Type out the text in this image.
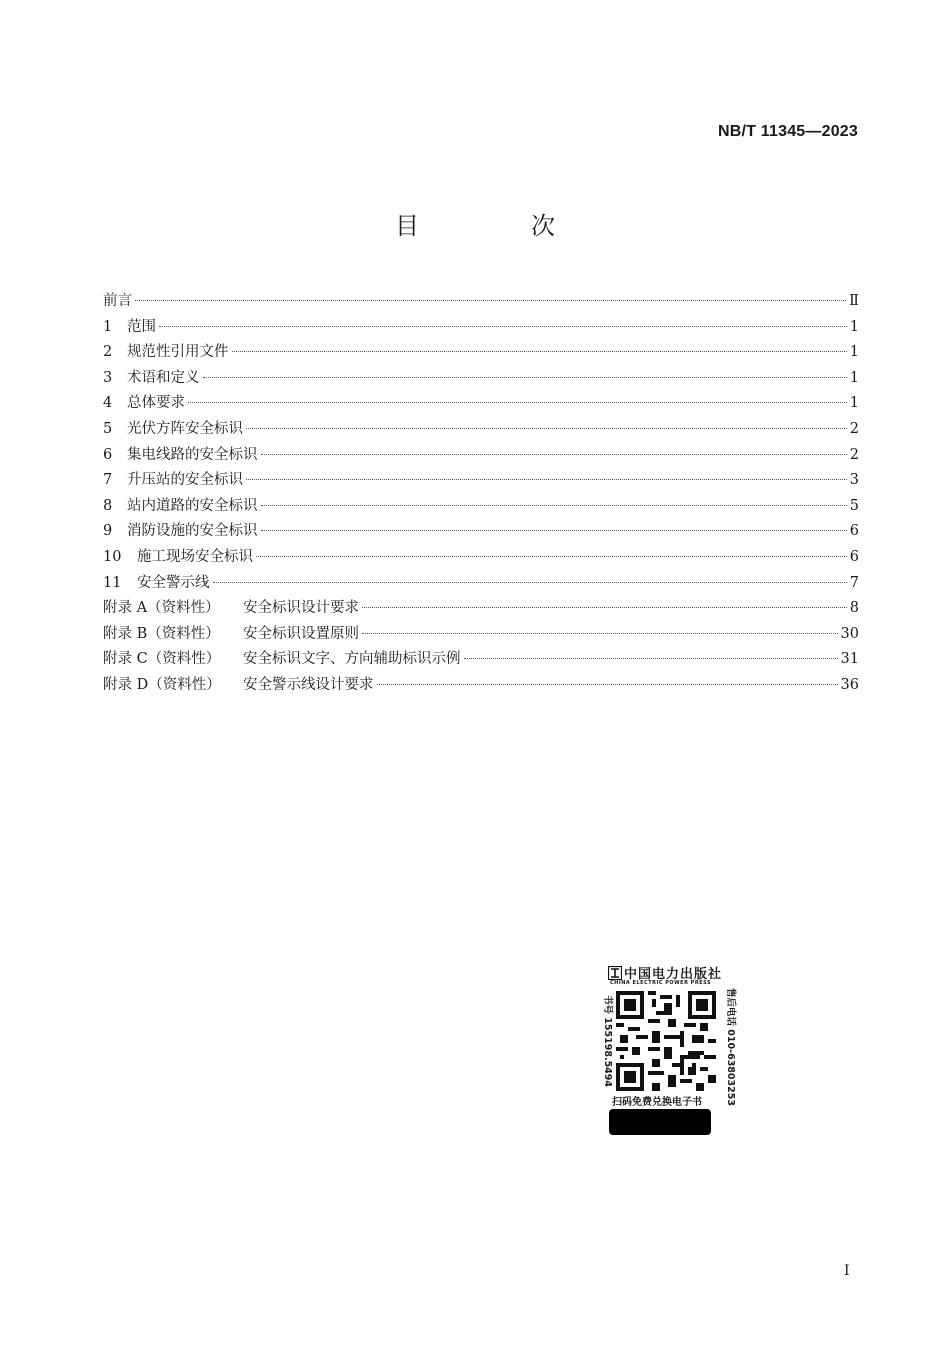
NB/T 11345—2023
目　次
前言	Ⅱ
1	范围	1
2	规范性引用文件	1
3	术语和定义	1
4	总体要求	1
5	光伏方阵安全标识	2
6	集电线路的安全标识	2
7	升压站的安全标识	3
8	站内道路的安全标识	5
9	消防设施的安全标识	6
10	施工现场安全标识	6
11	安全警示线	7
附录 A（资料性）	安全标识设计要求	8
附录 B（资料性）	安全标识设置原则	30
附录 C（资料性）	安全标识文字、方向辅助标识示例	31
附录 D（资料性）	安全警示线设计要求	36
中国电力出版社
CHINA ELECTRIC POWER PRESS
书号 155198.5494	售后电话 010-63803253
扫码免费兑换电子书
I
